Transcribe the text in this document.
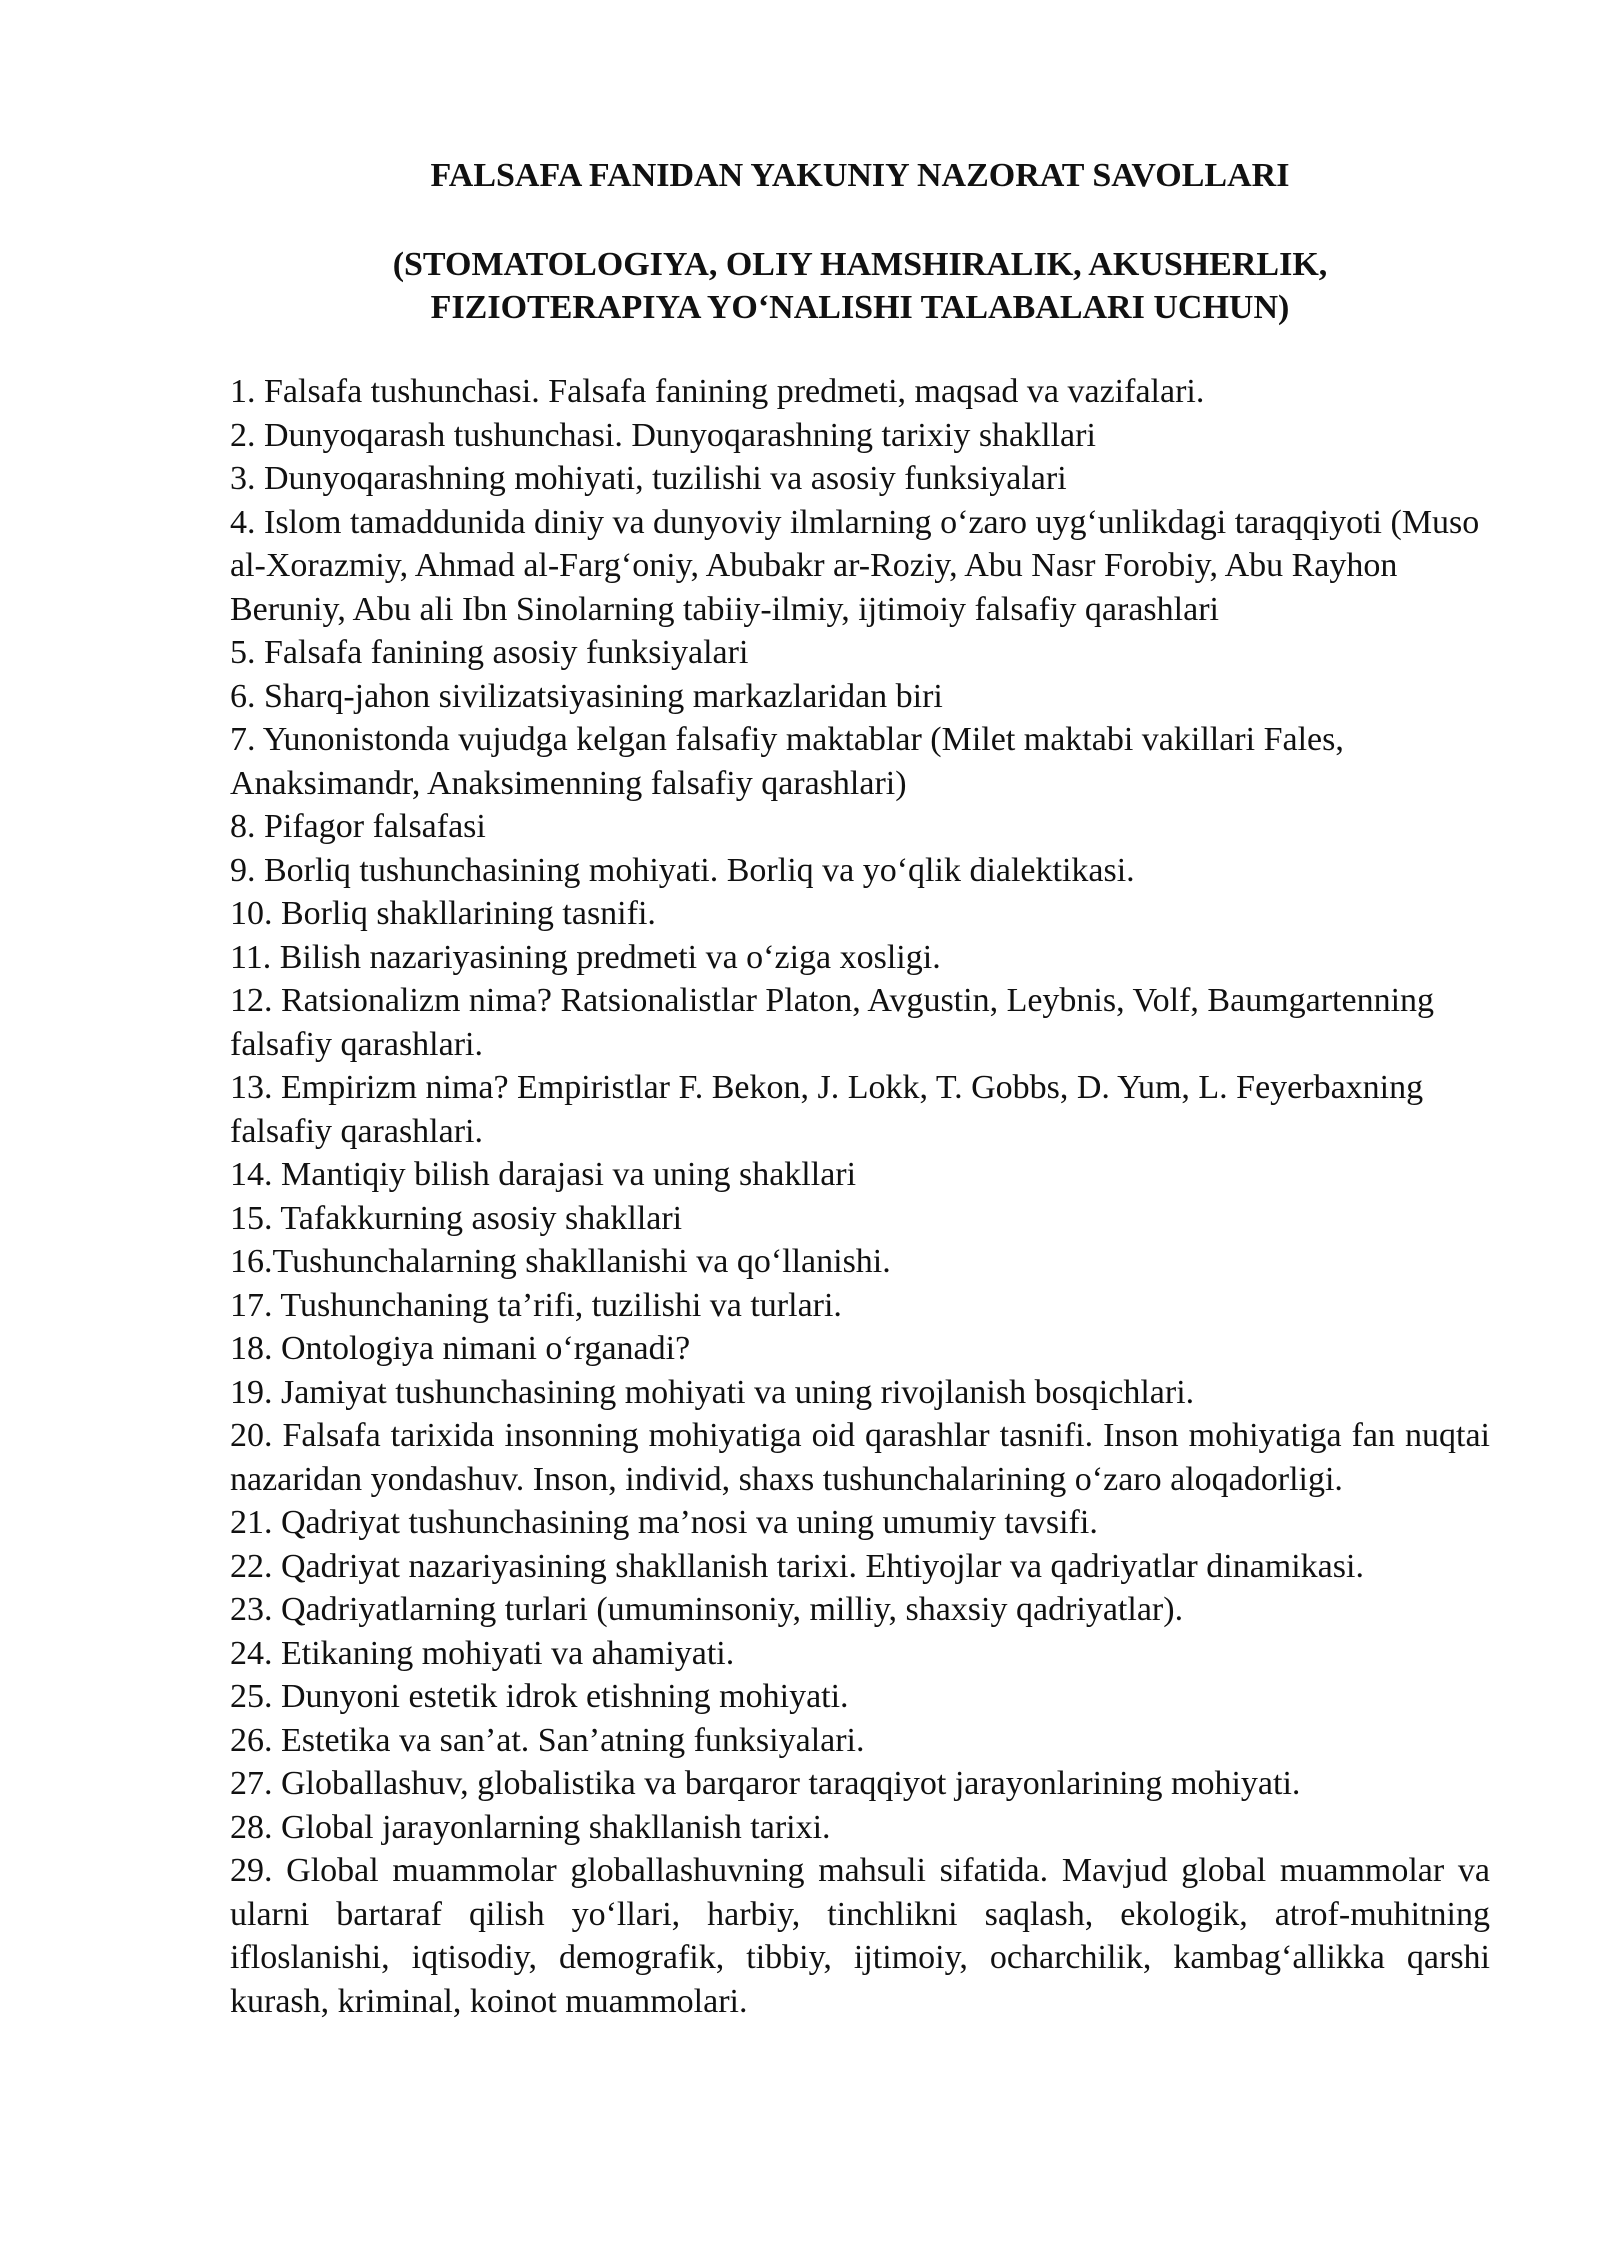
FALSAFA FANIDAN YAKUNIY NAZORAT SAVOLLARI
(STOMATOLOGIYA, OLIY HAMSHIRALIK, AKUSHERLIK,
FIZIOTERAPIYA YO‘NALISHI TALABALARI UCHUN)
1. Falsafa tushunchasi. Falsafa fanining predmeti, maqsad va vazifalari.
2. Dunyoqarash tushunchasi. Dunyoqarashning tarixiy shakllari
3. Dunyoqarashning mohiyati, tuzilishi va asosiy funksiyalari
4. Islom tamaddunida diniy va dunyoviy ilmlarning o‘zaro uyg‘unlikdagi taraqqiyoti (Muso al-Xorazmiy, Ahmad al-Farg‘oniy, Abubakr ar-Roziy, Abu Nasr Forobiy, Abu Rayhon Beruniy, Abu ali Ibn Sinolarning tabiiy-ilmiy, ijtimoiy falsafiy qarashlari
5. Falsafa fanining asosiy funksiyalari
6. Sharq-jahon sivilizatsiyasining markazlaridan biri
7. Yunonistonda vujudga kelgan falsafiy maktablar (Milet maktabi vakillari Fales, Anaksimandr, Anaksimenning falsafiy qarashlari)
8. Pifagor falsafasi
9. Borliq tushunchasining mohiyati. Borliq va yo‘qlik dialektikasi.
10. Borliq shakllarining tasnifi.
11. Bilish nazariyasining predmeti va o‘ziga xosligi.
12. Ratsionalizm nima? Ratsionalistlar Platon, Avgustin, Leybnis, Volf, Baumgartenning falsafiy qarashlari.
13. Empirizm nima? Empiristlar F. Bekon, J. Lokk, T. Gobbs, D. Yum, L. Feyerbaxning falsafiy qarashlari.
14. Mantiqiy bilish darajasi va uning shakllari
15. Tafakkurning asosiy shakllari
16.Tushunchalarning shakllanishi va qo‘llanishi.
17. Tushunchaning ta’rifi, tuzilishi va turlari.
18. Ontologiya nimani o‘rganadi?
19. Jamiyat tushunchasining mohiyati va uning rivojlanish bosqichlari.
20. Falsafa tarixida insonning mohiyatiga oid qarashlar tasnifi. Inson mohiyatiga fan nuqtai nazaridan yondashuv. Inson, individ, shaxs tushunchalarining o‘zaro aloqadorligi.
21. Qadriyat tushunchasining ma’nosi va uning umumiy tavsifi.
22. Qadriyat nazariyasining shakllanish tarixi. Ehtiyojlar va qadriyatlar dinamikasi.
23. Qadriyatlarning turlari (umuminsoniy, milliy, shaxsiy qadriyatlar).
24. Etikaning mohiyati va ahamiyati.
25. Dunyoni estetik idrok etishning mohiyati.
26. Estetika va san’at. San’atning funksiyalari.
27. Globallashuv, globalistika va barqaror taraqqiyot jarayonlarining mohiyati.
28. Global jarayonlarning shakllanish tarixi.
29. Global muammolar globallashuvning mahsuli sifatida. Mavjud global muammolar va ularni bartaraf qilish yo‘llari, harbiy, tinchlikni saqlash, ekologik, atrof-muhitning ifloslanishi, iqtisodiy, demografik, tibbiy, ijtimoiy, ocharchilik, kambag‘allikka qarshi kurash, kriminal, koinot muammolari.
